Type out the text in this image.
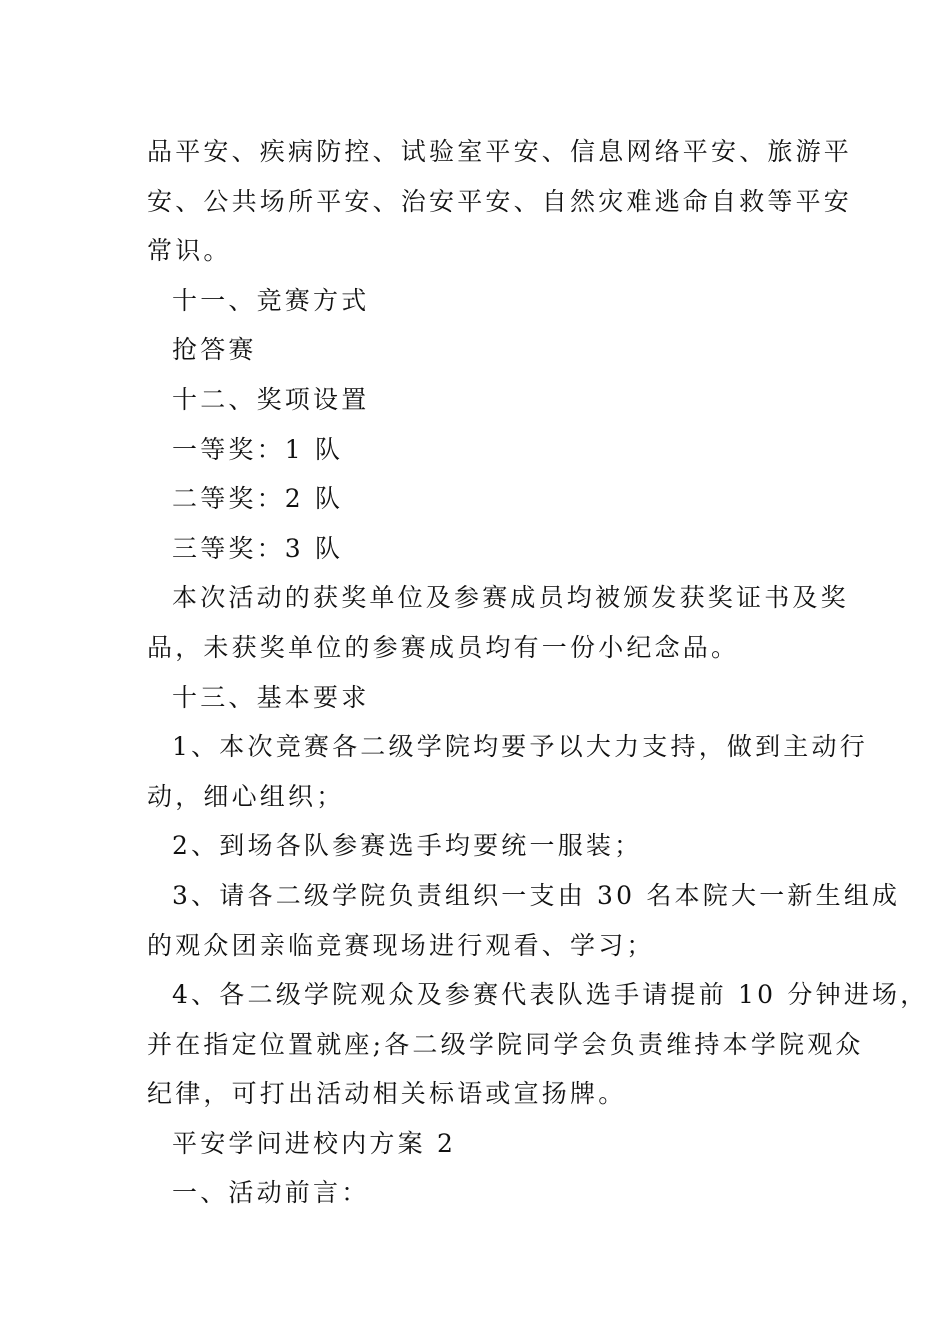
品平安、疾病防控、试验室平安、信息网络平安、旅游平
安、公共场所平安、治安平安、自然灾难逃命自救等平安
常识。
十一、竞赛方式
抢答赛
十二、奖项设置
一等奖：1 队
二等奖：2 队
三等奖：3 队
本次活动的获奖单位及参赛成员均被颁发获奖证书及奖
品，未获奖单位的参赛成员均有一份小纪念品。
十三、基本要求
1、本次竞赛各二级学院均要予以大力支持，做到主动行
动，细心组织；
2、到场各队参赛选手均要统一服装；
3、请各二级学院负责组织一支由 30 名本院大一新生组成
的观众团亲临竞赛现场进行观看、学习；
4、各二级学院观众及参赛代表队选手请提前 10 分钟进场，
并在指定位置就座;各二级学院同学会负责维持本学院观众
纪律，可打出活动相关标语或宣扬牌。
平安学问进校内方案 2
一、活动前言：
